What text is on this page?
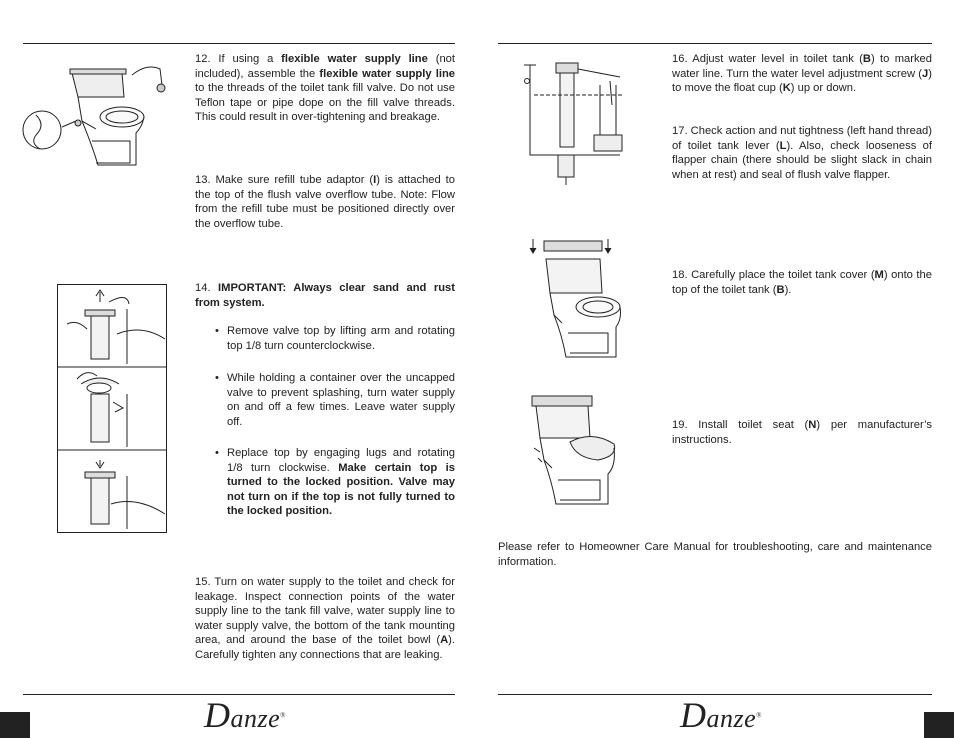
12. If using a flexible water supply line (not included), assemble the flexible water supply line to the threads of the toilet tank fill valve. Do not use Teflon tape or pipe dope on the fill valve threads. This could result in over-tightening and breakage.

13. Make sure refill tube adaptor (I) is attached to the top of the flush valve overflow tube. Note: Flow from the refill tube must be positioned directly over the overflow tube.

14. IMPORTANT: Always clear sand and rust from system.

• Remove valve top by lifting arm and rotating top 1/8 turn counterclockwise.

• While holding a container over the uncapped valve to prevent splashing, turn water supply on and off a few times. Leave water supply off.

• Replace top by engaging lugs and rotating 1/8 turn clockwise. Make certain top is turned to the locked position. Valve may not turn on if the top is not fully turned to the locked position.

15. Turn on water supply to the toilet and check for leakage. Inspect connection points of the water supply line to the tank fill valve, water supply line to water supply valve, the bottom of the tank mounting area, and around the base of the toilet bowl (A). Carefully tighten any connections that are leaking.

Danze®

16. Adjust water level in toilet tank (B) to marked water line. Turn the water level adjustment screw (J) to move the float cup (K) up or down.

17. Check action and nut tightness (left hand thread) of toilet tank lever (L). Also, check looseness of flapper chain (there should be slight slack in chain when at rest) and seal of flush valve flapper.

18. Carefully place the toilet tank cover (M) onto the top of the toilet tank (B).

19. Install toilet seat (N) per manufacturer’s instructions.

Please refer to Homeowner Care Manual for troubleshooting, care and maintenance information.

Danze®
